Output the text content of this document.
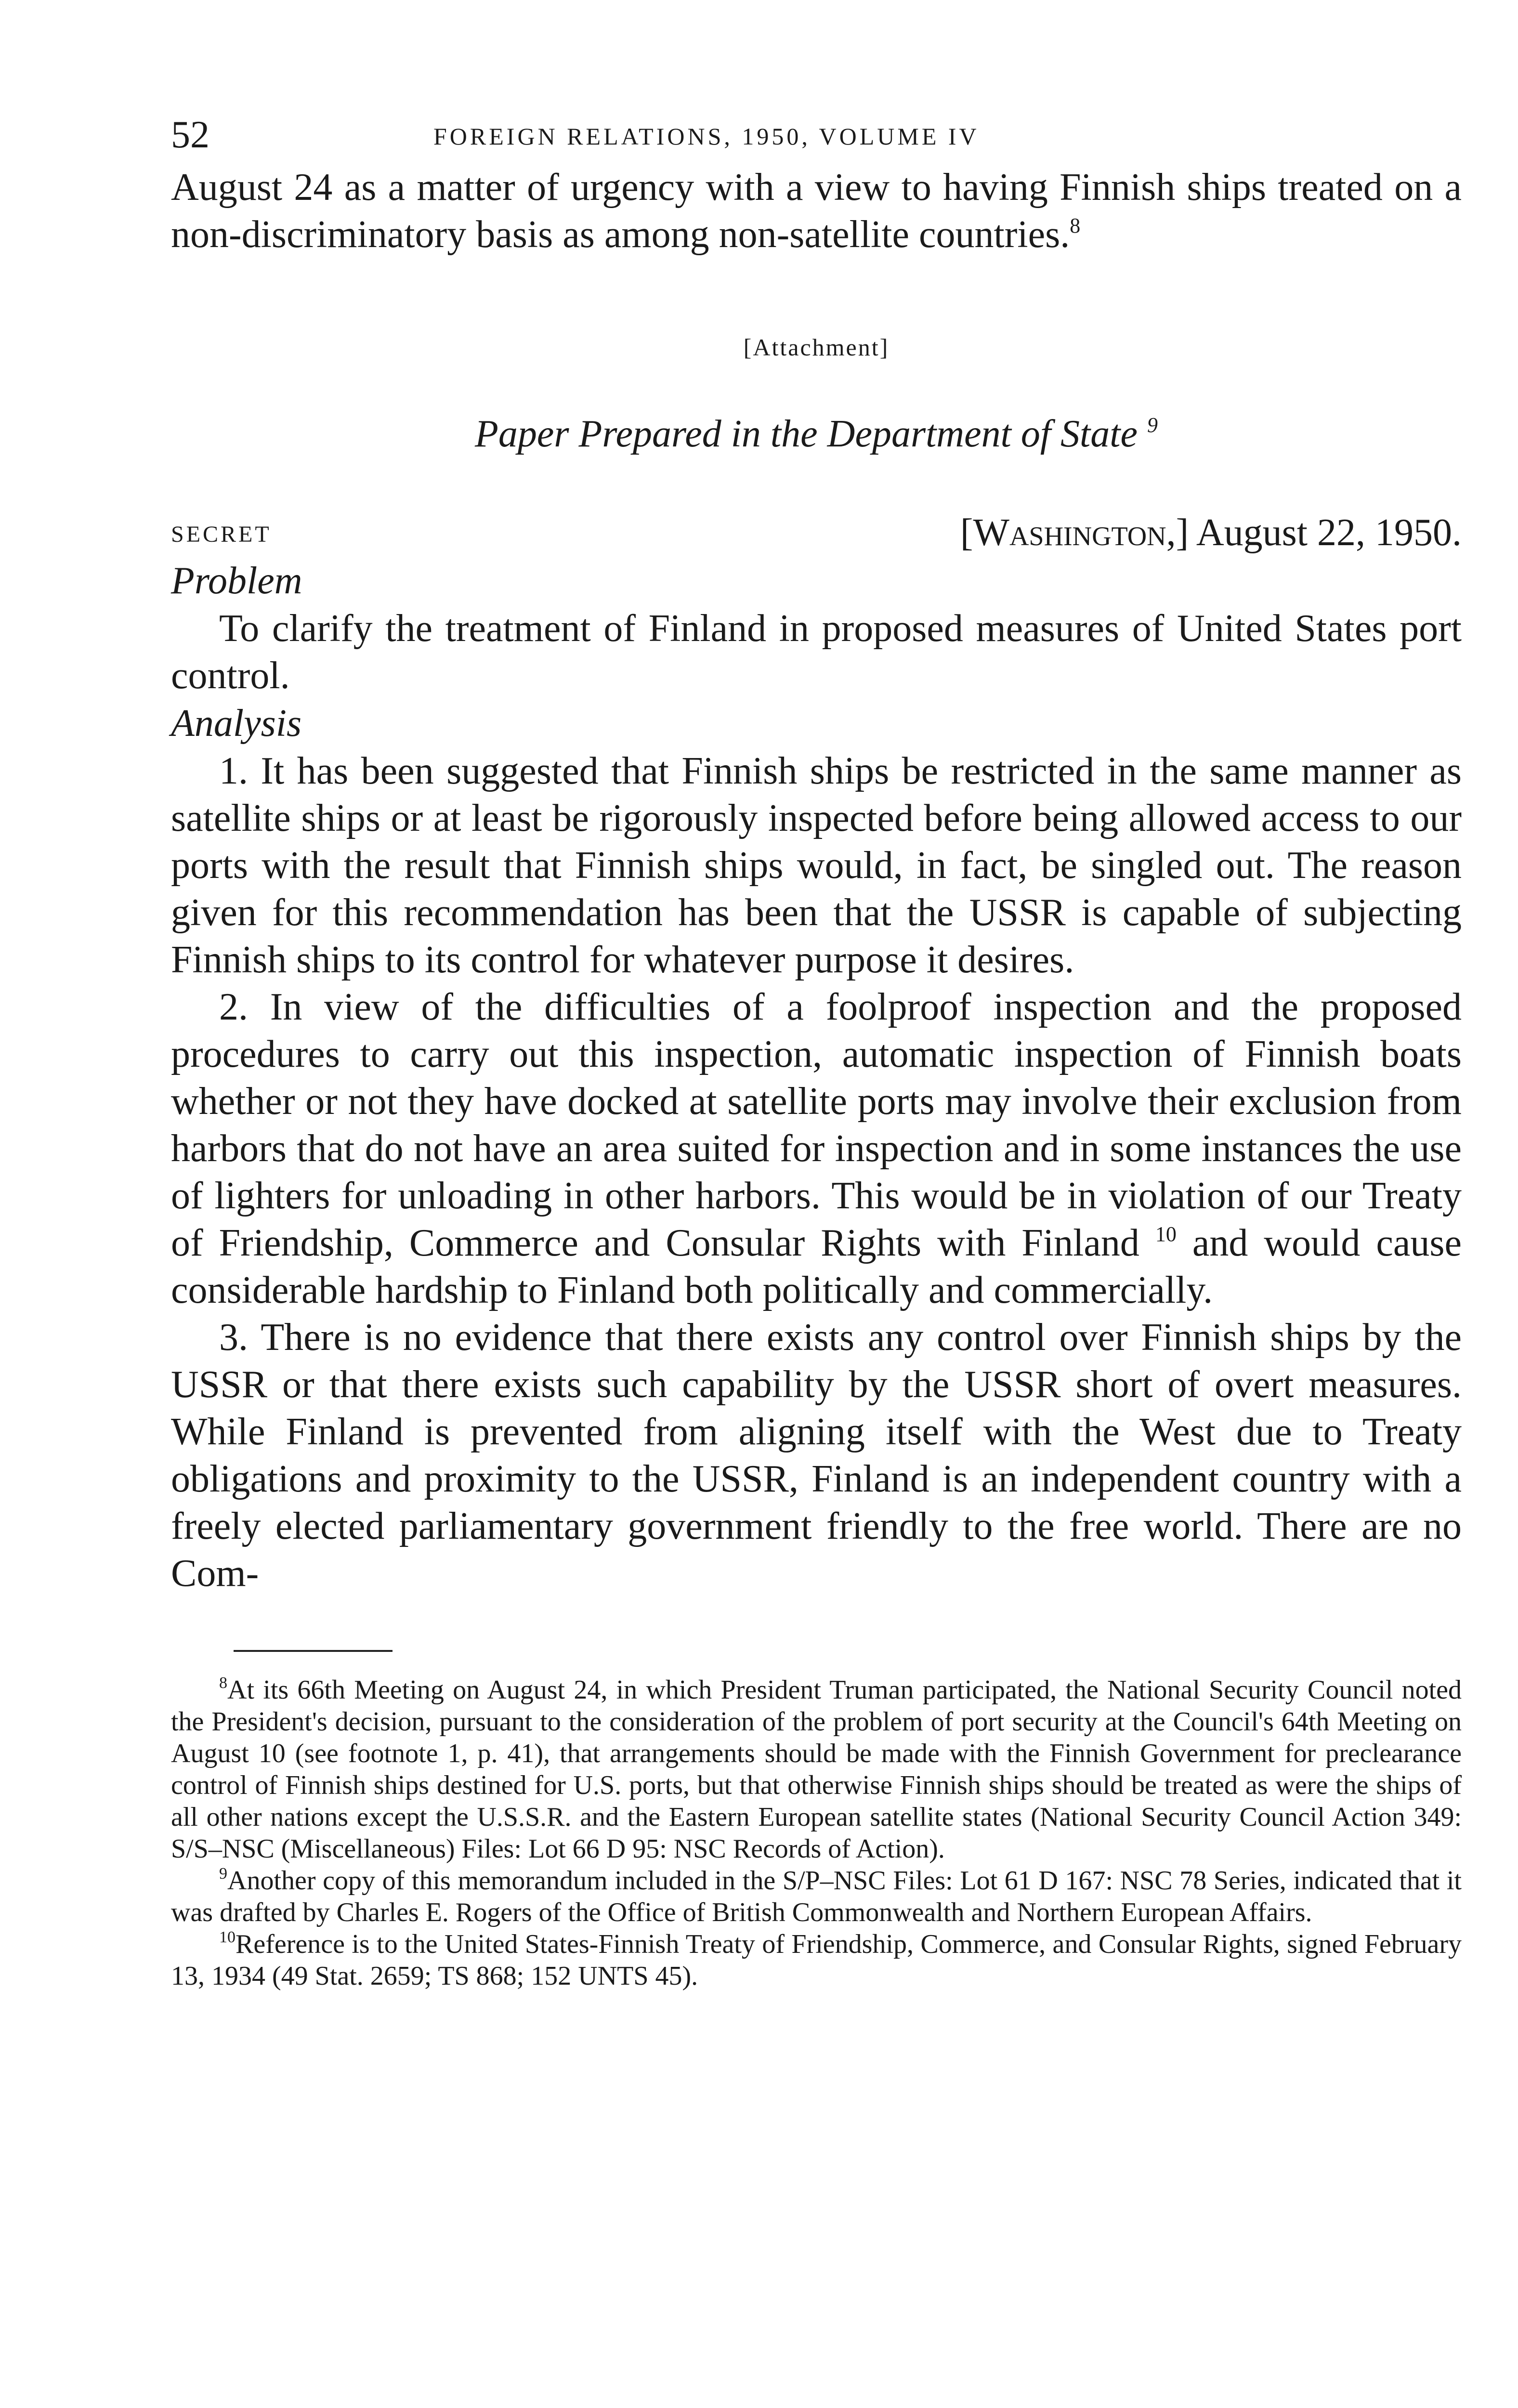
52	FOREIGN RELATIONS, 1950, VOLUME IV

August 24 as a matter of urgency with a view to having Finnish ships treated on a non-discriminatory basis as among non-satellite countries.$^8$

[Attachment]

Paper Prepared in the Department of State $^9$

SECRET	[Washington,] August 22, 1950.

Problem

To clarify the treatment of Finland in proposed measures of United States port control.

Analysis

1. It has been suggested that Finnish ships be restricted in the same manner as satellite ships or at least be rigorously inspected before being allowed access to our ports with the result that Finnish ships would, in fact, be singled out. The reason given for this recommendation has been that the USSR is capable of subjecting Finnish ships to its control for whatever purpose it desires.

2. In view of the difficulties of a foolproof inspection and the proposed procedures to carry out this inspection, automatic inspection of Finnish boats whether or not they have docked at satellite ports may involve their exclusion from harbors that do not have an area suited for inspection and in some instances the use of lighters for unloading in other harbors. This would be in violation of our Treaty of Friendship, Commerce and Consular Rights with Finland $^{10}$ and would cause considerable hardship to Finland both politically and commercially.

3. There is no evidence that there exists any control over Finnish ships by the USSR or that there exists such capability by the USSR short of overt measures. While Finland is prevented from aligning itself with the West due to Treaty obligations and proximity to the USSR, Finland is an independent country with a freely elected parliamentary government friendly to the free world. There are no Com-

$^8$At its 66th Meeting on August 24, in which President Truman participated, the National Security Council noted the President's decision, pursuant to the consideration of the problem of port security at the Council's 64th Meeting on August 10 (see footnote 1, p. 41), that arrangements should be made with the Finnish Government for preclearance control of Finnish ships destined for U.S. ports, but that otherwise Finnish ships should be treated as were the ships of all other nations except the U.S.S.R. and the Eastern European satellite states (National Security Council Action 349: S/S–NSC (Miscellaneous) Files: Lot 66 D 95: NSC Records of Action).

$^9$Another copy of this memorandum included in the S/P–NSC Files: Lot 61 D 167: NSC 78 Series, indicated that it was drafted by Charles E. Rogers of the Office of British Commonwealth and Northern European Affairs.

$^{10}$Reference is to the United States-Finnish Treaty of Friendship, Commerce, and Consular Rights, signed February 13, 1934 (49 Stat. 2659; TS 868; 152 UNTS 45).
